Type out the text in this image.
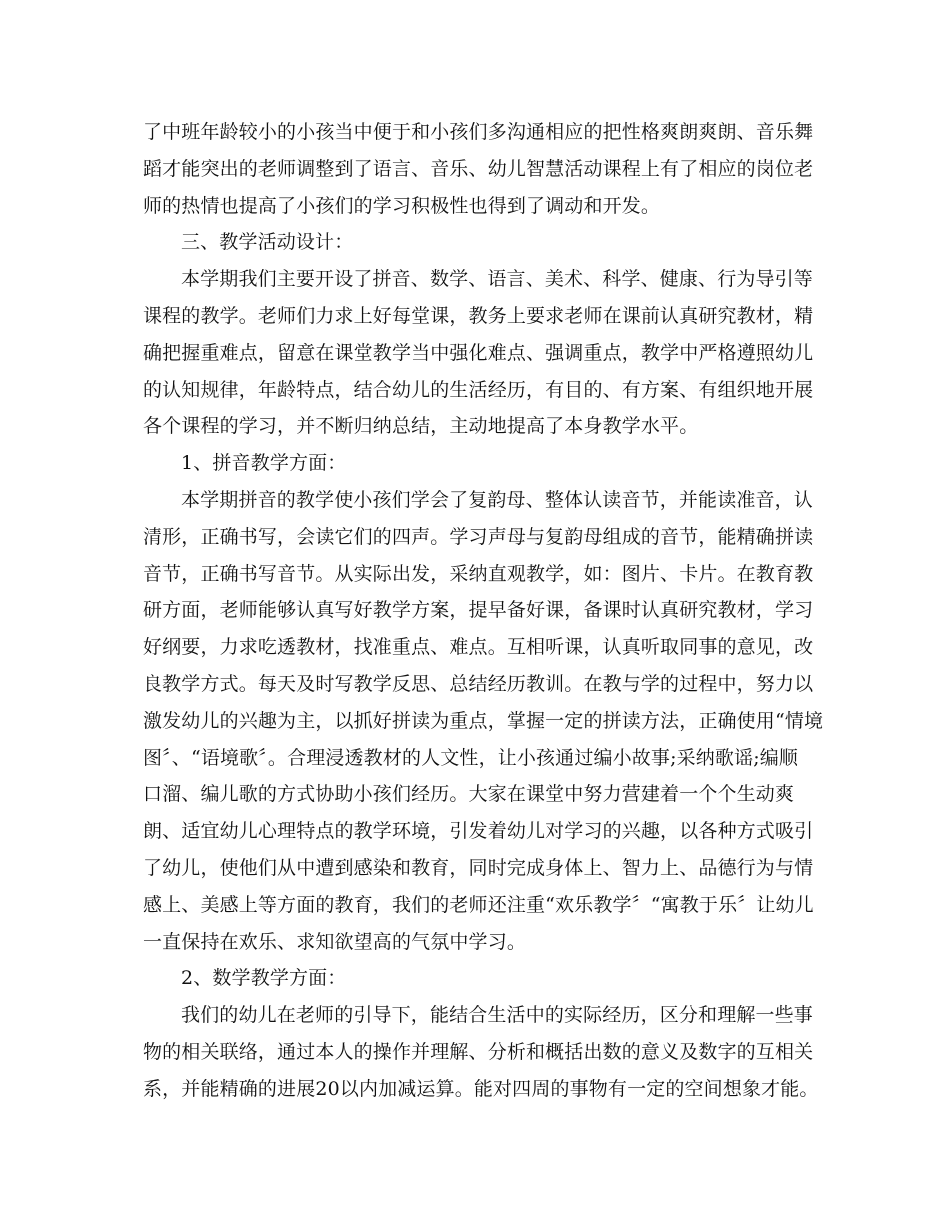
了中班年龄较小的小孩当中便于和小孩们多沟通相应的把性格爽朗爽朗、音乐舞
蹈才能突出的老师调整到了语言、音乐、幼儿智慧活动课程上有了相应的岗位老
师的热情也提高了小孩们的学习积极性也得到了调动和开发。
三、教学活动设计：
本学期我们主要开设了拼音、数学、语言、美术、科学、健康、行为导引等
课程的教学。老师们力求上好每堂课，教务上要求老师在课前认真研究教材，精
确把握重难点，留意在课堂教学当中强化难点、强调重点，教学中严格遵照幼儿
的认知规律，年龄特点，结合幼儿的生活经历，有目的、有方案、有组织地开展
各个课程的学习，并不断归纳总结，主动地提高了本身教学水平。
1、拼音教学方面：
本学期拼音的教学使小孩们学会了复韵母、整体认读音节，并能读准音，认
清形，正确书写，会读它们的四声。学习声母与复韵母组成的音节，能精确拼读
音节，正确书写音节。从实际出发，采纳直观教学，如：图片、卡片。在教育教
研方面，老师能够认真写好教学方案，提早备好课，备课时认真研究教材，学习
好纲要，力求吃透教材，找准重点、难点。互相听课，认真听取同事的意见，改
良教学方式。每天及时写教学反思、总结经历教训。在教与学的过程中，努力以
激发幼儿的兴趣为主，以抓好拼读为重点，掌握一定的拼读方法，正确使用“情境
图〞、“语境歌〞。合理浸透教材的人文性，让小孩通过编小故事;采纳歌谣;编顺
口溜、编儿歌的方式协助小孩们经历。大家在课堂中努力营建着一个个生动爽
朗、适宜幼儿心理特点的教学环境，引发着幼儿对学习的兴趣，以各种方式吸引
了幼儿，使他们从中遭到感染和教育，同时完成身体上、智力上、品德行为与情
感上、美感上等方面的教育，我们的老师还注重“欢乐教学〞“寓教于乐〞让幼儿
一直保持在欢乐、求知欲望高的气氛中学习。
2、数学教学方面：
我们的幼儿在老师的引导下，能结合生活中的实际经历，区分和理解一些事
物的相关联络，通过本人的操作并理解、分析和概括出数的意义及数字的互相关
系，并能精确的进展20以内加减运算。能对四周的事物有一定的空间想象才能。
